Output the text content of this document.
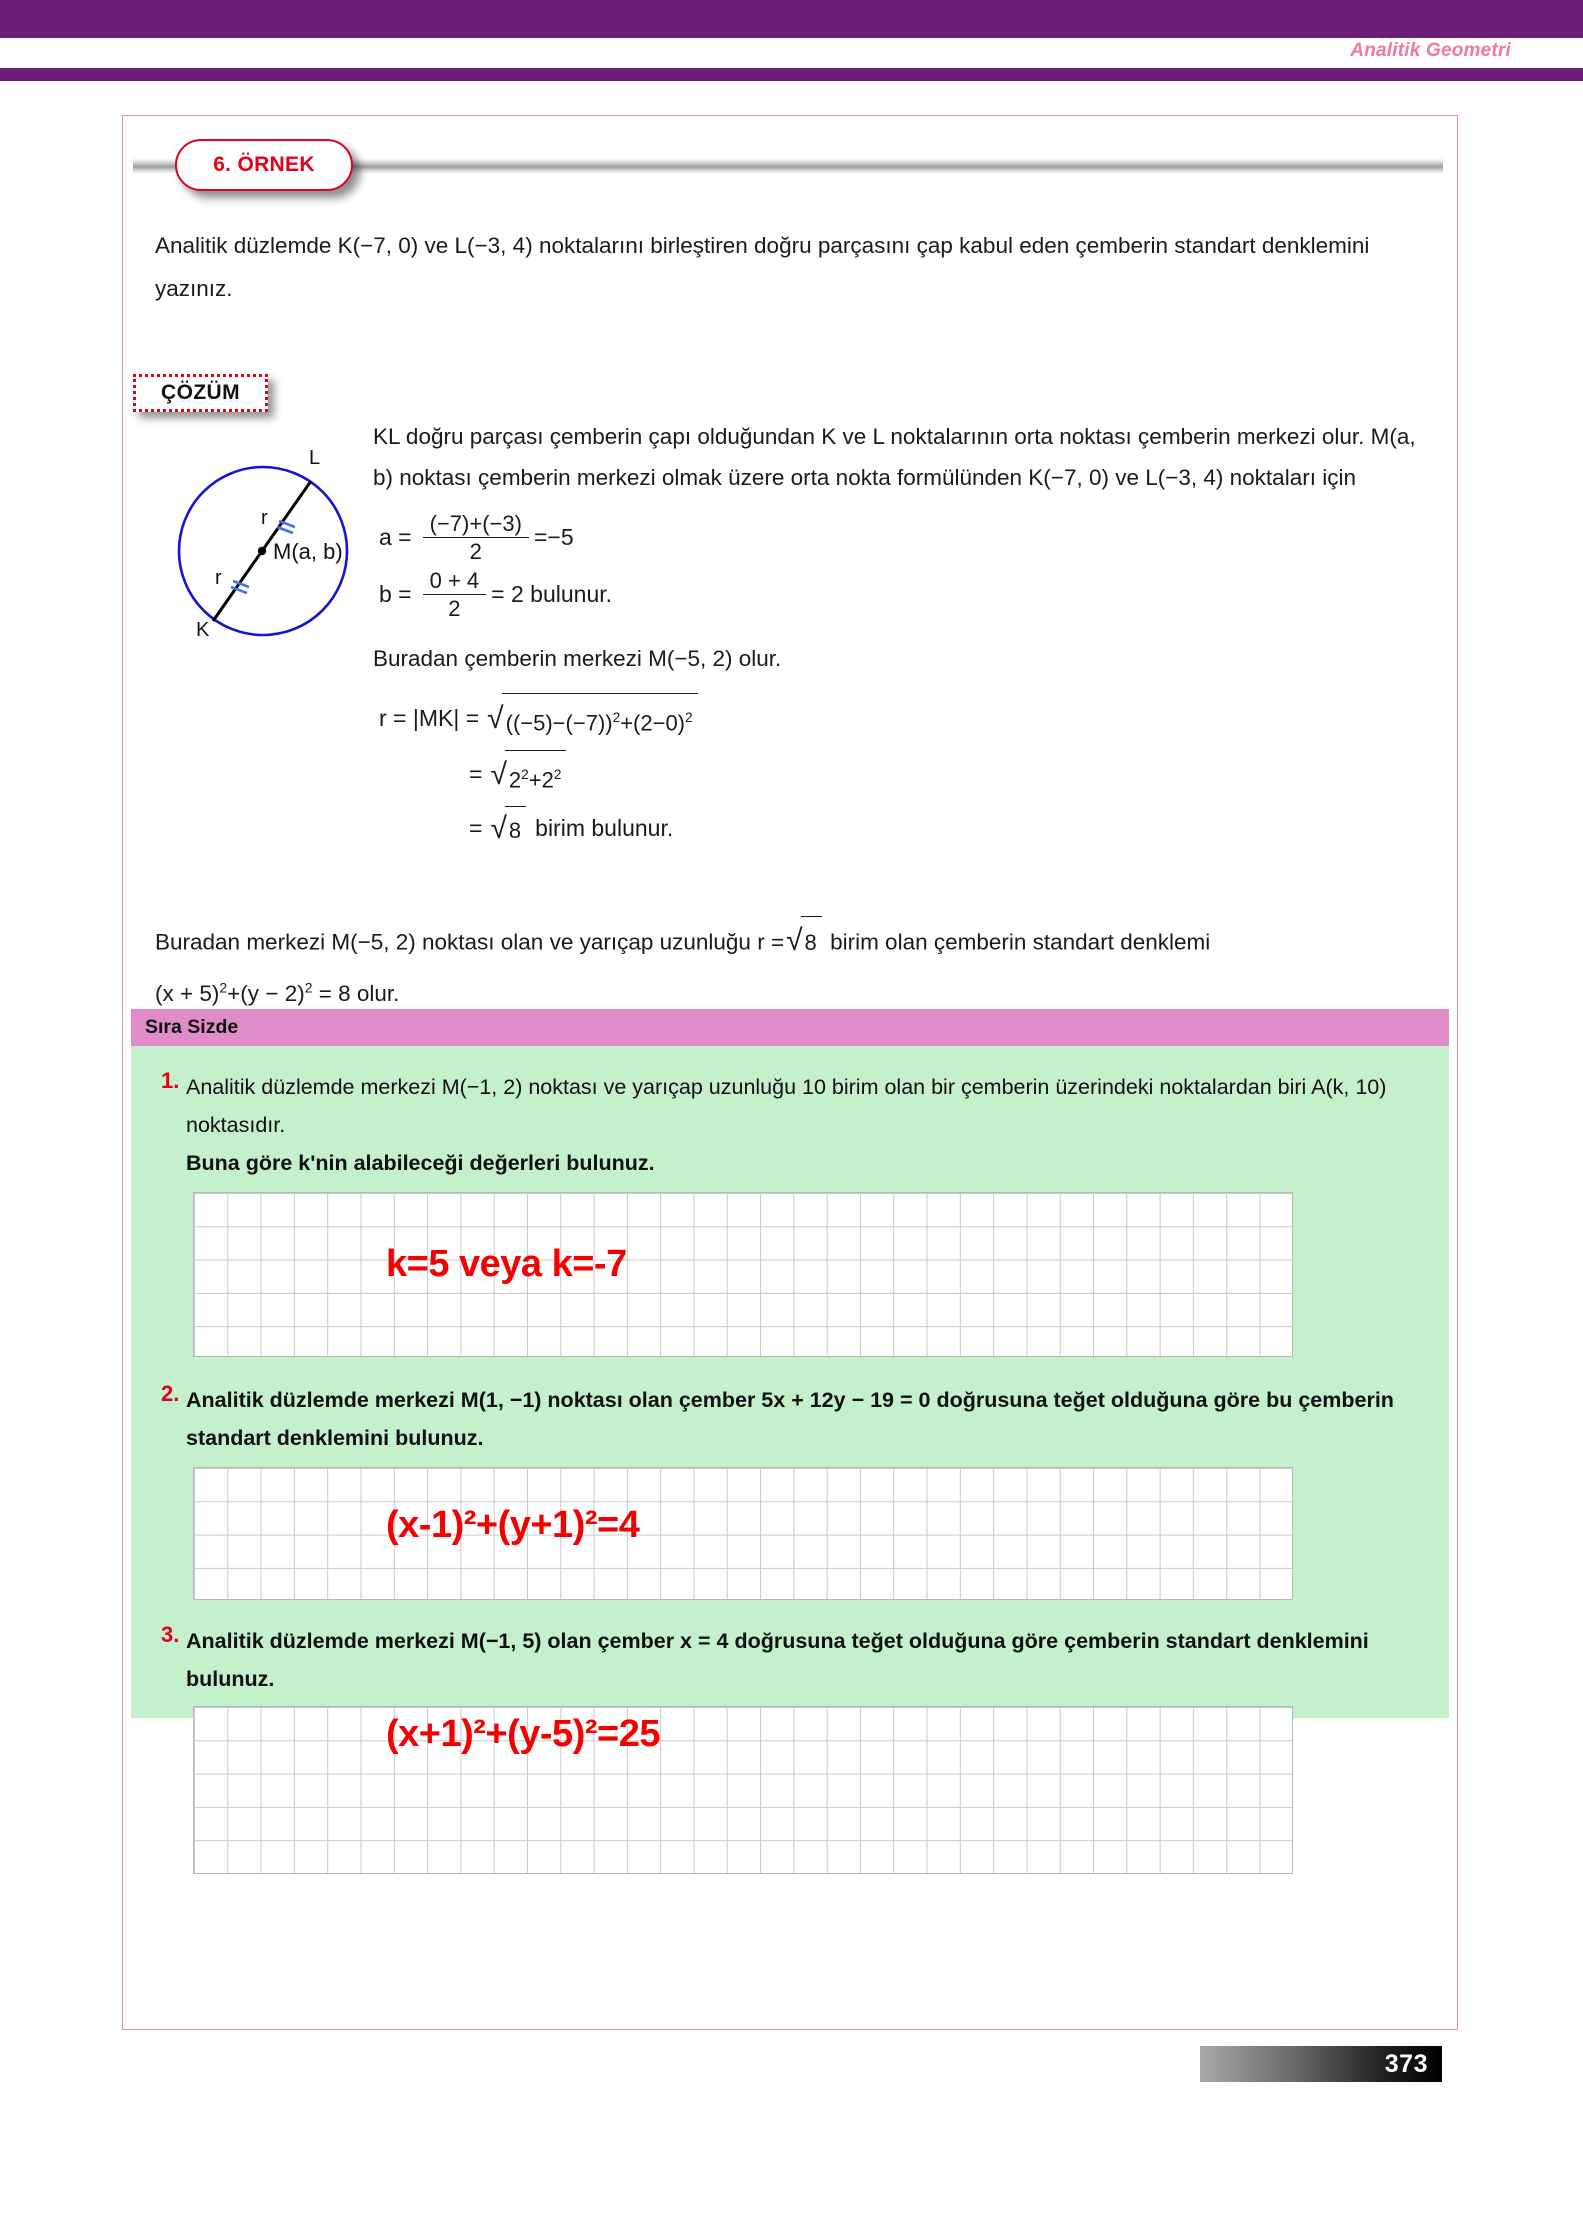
Analitik Geometri
6. ÖRNEK
Analitik düzlemde K(−7, 0) ve L(−3, 4) noktalarını birleştiren doğru parçasını çap kabul eden çemberin standart denklemini yazınız.
ÇÖZÜM
L
K
M(a, b)
r
r

KL doğru parçası çemberin çapı olduğundan K ve L noktalarının orta noktası çemberin merkezi olur. M(a, b) noktası çemberin merkezi olmak üzere orta nokta formülünden K(−7, 0) ve L(−3, 4) noktaları için

$a = \frac{(-7)+(-3)}{2} =-5$
$b = \frac{0 + 4}{2} = 2$ bulunur.

Buradan çemberin merkezi M(−5, 2) olur.

r = |MK| = √ $((-5)-(-7))^2+(2-0)^2$
= √ $2^2+2^2$
= √ 8 birim bulunur.
Buradan merkezi M(−5, 2) noktası olan ve yarıçap uzunluğu r = √ 8 birim olan çemberin standart denklemi
$(x + 5)^2+(y - 2)^2 = 8$ olur.
Sıra Sizde
1. Analitik düzlemde merkezi M(−1, 2) noktası ve yarıçap uzunluğu 10 birim olan bir çemberin üzerindeki noktalardan biri A(k, 10) noktasıdır.
Buna göre k'nin alabileceği değerleri bulunuz.
k=5 veya k=-7
2. Analitik düzlemde merkezi M(1, −1) noktası olan çember 5x + 12y − 19 = 0 doğrusuna teğet olduğuna göre bu çemberin standart denklemini bulunuz.
(x-1)²+(y+1)²=4
3. Analitik düzlemde merkezi M(−1, 5) olan çember x = 4 doğrusuna teğet olduğuna göre çemberin standart denklemini bulunuz.
(x+1)²+(y-5)²=25
373
